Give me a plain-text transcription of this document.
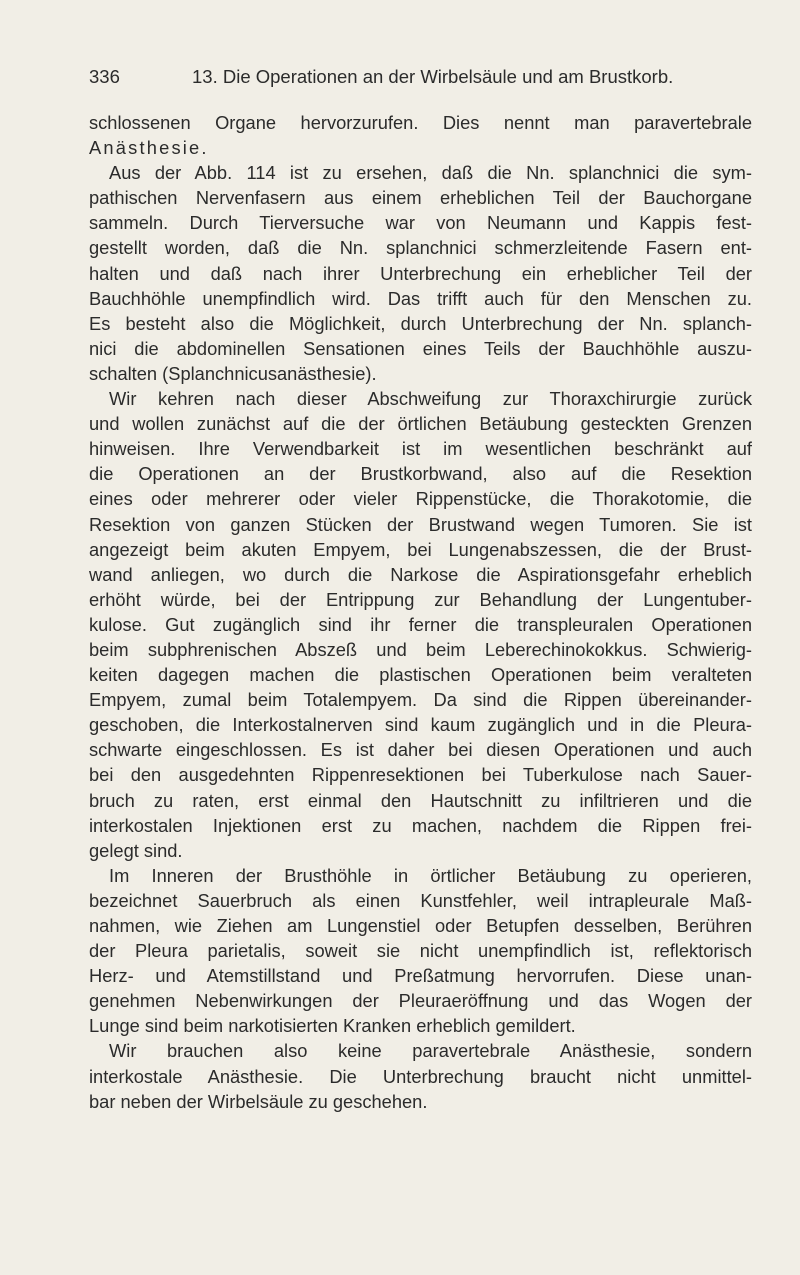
336	13. Die Operationen an der Wirbelsäule und am Brustkorb.
schlossenen Organe hervorzurufen. Dies nennt man paravertebrale
Anästhesie.
Aus der Abb. 114 ist zu ersehen, daß die Nn. splanchnici die sym-
pathischen Nervenfasern aus einem erheblichen Teil der Bauchorgane
sammeln. Durch Tierversuche war von Neumann und Kappis fest-
gestellt worden, daß die Nn. splanchnici schmerzleitende Fasern ent-
halten und daß nach ihrer Unterbrechung ein erheblicher Teil der
Bauchhöhle unempfindlich wird. Das trifft auch für den Menschen zu.
Es besteht also die Möglichkeit, durch Unterbrechung der Nn. splanch-
nici die abdominellen Sensationen eines Teils der Bauchhöhle auszu-
schalten (Splanchnicusanästhesie).
Wir kehren nach dieser Abschweifung zur Thoraxchirurgie zurück
und wollen zunächst auf die der örtlichen Betäubung gesteckten Grenzen
hinweisen. Ihre Verwendbarkeit ist im wesentlichen beschränkt auf
die Operationen an der Brustkorbwand, also auf die Resektion
eines oder mehrerer oder vieler Rippenstücke, die Thorakotomie, die
Resektion von ganzen Stücken der Brustwand wegen Tumoren. Sie ist
angezeigt beim akuten Empyem, bei Lungenabszessen, die der Brust-
wand anliegen, wo durch die Narkose die Aspirationsgefahr erheblich
erhöht würde, bei der Entrippung zur Behandlung der Lungentuber-
kulose. Gut zugänglich sind ihr ferner die transpleuralen Operationen
beim subphrenischen Abszeß und beim Leberechinokokkus. Schwierig-
keiten dagegen machen die plastischen Operationen beim veralteten
Empyem, zumal beim Totalempyem. Da sind die Rippen übereinander-
geschoben, die Interkostalnerven sind kaum zugänglich und in die Pleura-
schwarte eingeschlossen. Es ist daher bei diesen Operationen und auch
bei den ausgedehnten Rippenresektionen bei Tuberkulose nach Sauer-
bruch zu raten, erst einmal den Hautschnitt zu infiltrieren und die
interkostalen Injektionen erst zu machen, nachdem die Rippen frei-
gelegt sind.
Im Inneren der Brusthöhle in örtlicher Betäubung zu operieren,
bezeichnet Sauerbruch als einen Kunstfehler, weil intrapleurale Maß-
nahmen, wie Ziehen am Lungenstiel oder Betupfen desselben, Berühren
der Pleura parietalis, soweit sie nicht unempfindlich ist, reflektorisch
Herz- und Atemstillstand und Preßatmung hervorrufen. Diese unan-
genehmen Nebenwirkungen der Pleuraeröffnung und das Wogen der
Lunge sind beim narkotisierten Kranken erheblich gemildert.
Wir brauchen also keine paravertebrale Anästhesie, sondern
interkostale Anästhesie. Die Unterbrechung braucht nicht unmittel-
bar neben der Wirbelsäule zu geschehen.
